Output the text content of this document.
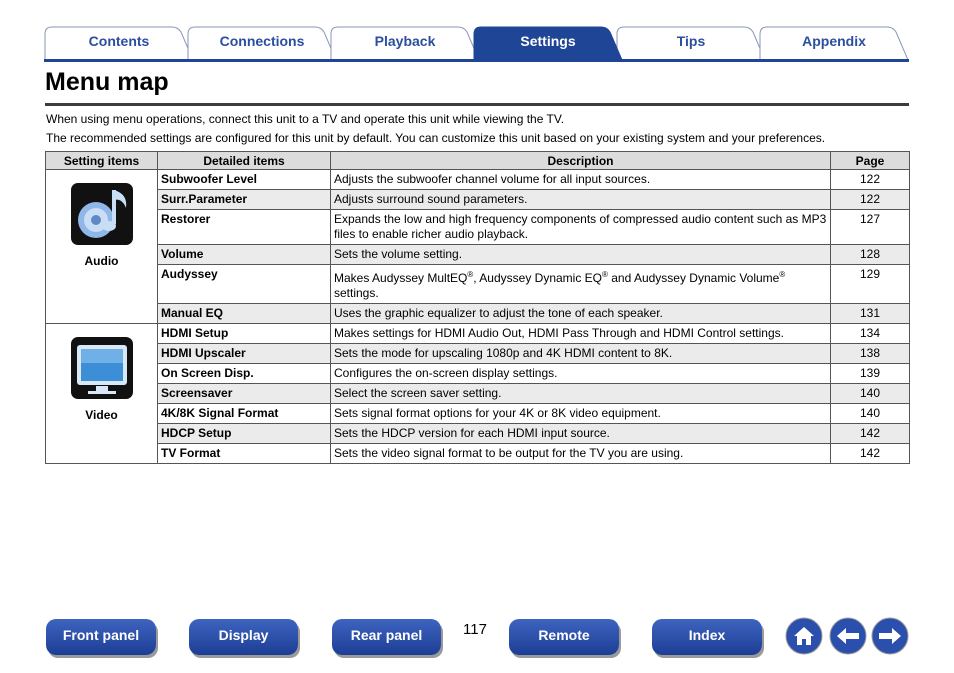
Contents	Connections	Playback	Settings	Tips	Appendix
Menu map

When using menu operations, connect this unit to a TV and operate this unit while viewing the TV.

The recommended settings are configured for this unit by default. You can customize this unit based on your existing system and your preferences.

Setting items	Detailed items	Description	Page

Audio	Subwoofer Level	Adjusts the subwoofer channel volume for all input sources.	122
	Surr.Parameter	Adjusts surround sound parameters.	122
	Restorer	Expands the low and high frequency components of compressed audio content such as MP3 files to enable richer audio playback.	127
	Volume	Sets the volume setting.	128
	Audyssey	Makes Audyssey MultEQ®, Audyssey Dynamic EQ® and Audyssey Dynamic Volume® settings.	129
	Manual EQ	Uses the graphic equalizer to adjust the tone of each speaker.	131

Video	HDMI Setup	Makes settings for HDMI Audio Out, HDMI Pass Through and HDMI Control settings.	134
	HDMI Upscaler	Sets the mode for upscaling 1080p and 4K HDMI content to 8K.	138
	On Screen Disp.	Configures the on-screen display settings.	139
	Screensaver	Select the screen saver setting.	140
	4K/8K Signal Format	Sets signal format options for your 4K or 8K video equipment.	140
	HDCP Setup	Sets the HDCP version for each HDMI input source.	142
	TV Format	Sets the video signal format to be output for the TV you are using.	142
Front panel	Display	Rear panel	117	Remote	Index
